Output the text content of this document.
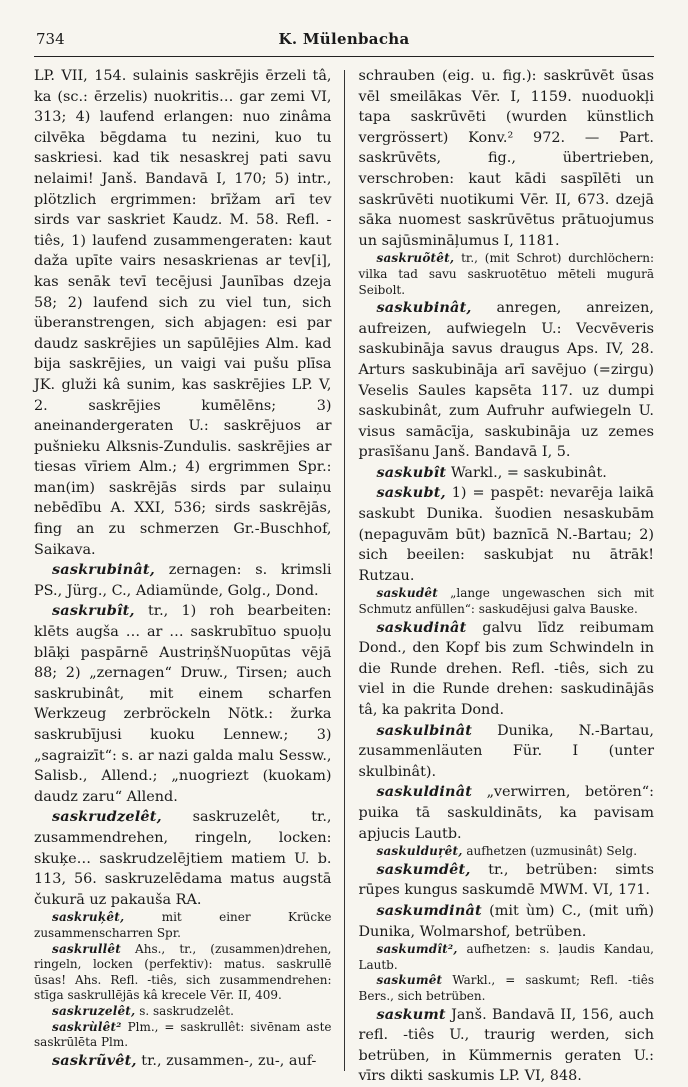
734	K. Mülenbacha

LP. VII, 154. sulainis saskrējis ērzeli tâ, ka (sc.: ērzelis) nuokritis… gar zemi VI, 313; 4) laufend erlangen: nuo zinâma cilvēka bēgdama tu nezini, kuo tu saskriesi. kad tik nesaskrej pati savu nelaimi! Janš. Bandavā I, 170; 5) intr., plötzlich ergrimmen: brīžam arī tev sirds var saskriet Kaudz. M. 58. Refl. -tiês, 1) laufend zusammengeraten: kaut daža upīte vairs nesaskrienas ar tev[i], kas senāk tevī tecējusi Jaunības dzeja 58; 2) laufend sich zu viel tun, sich überanstrengen, sich abjagen: esi par daudz saskrējies un sapūlējies Alm. kad bija saskrējies, un vaigi vai pušu plīsa JK. gluži kâ sunim, kas saskrējies LP. V, 2. saskrējies kumēlēns; 3) aneinandergeraten U.: saskrējuos ar pušnieku Alksnis-Zundulis. saskrējies ar tiesas vīriem Alm.; 4) ergrimmen Spr.: man(im) saskrējās sirds par sulaiņu nebēdību A. XXI, 536; sirds saskrējās, fing an zu schmerzen Gr.-Buschhof, Saikava.

saskrubinât, zernagen: s. krimsli PS., Jürg., C., Adiamünde, Golg., Dond.

saskrubît, tr., 1) roh bearbeiten: klēts augša … ar … saskrubītuo spuoļu blāķi paspārnē AustriņšNuopūtas vējā 88; 2) „zernagen“ Druw., Tirsen; auch saskrubinât, mit einem scharfen Werkzeug zerbröckeln Nötk.: žurka saskrubījusi kuoku Lennew.; 3) „sagraizīt“: s. ar nazi galda malu Sessw., Salisb., Allend.; „nuogriezt (kuokam) daudz zaru“ Allend.

saskrudzelêt, saskruzelêt, tr., zusammendrehen, ringeln, locken: skuķe… saskrudzelējtiem matiem U. b. 113, 56. saskruzelēdama matus augstā čukurā uz pakauša RA.

saskruķêt, mit einer Krücke zusammenscharren Spr.

saskrullêt Ahs., tr., (zusammen)drehen, ringeln, locken (perfektiv): matus. saskrullē ūsas! Ahs. Refl. -tiês, sich zusammendrehen: stīga saskrullējās kâ krecele Vēr. II, 409.

saskruzelêt, s. saskrudzelêt.

saskrùlêt² Plm., = saskrullêt: sivēnam aste saskrūlēta Plm.

saskrũvêt, tr., zusammen-, zu-, auf-

schrauben (eig. u. fig.): saskrūvēt ūsas vēl smeilākas Vēr. I, 1159. nuoduokļi tapa saskrūvēti (wurden künstlich vergrössert) Konv.² 972. — Part. saskrūvēts, fig., übertrieben, verschroben: kaut kādi saspīlēti un saskrūvēti nuotikumi Vēr. II, 673. dzejā sāka nuomest saskrūvētus prātuojumus un sajūsmināļumus I, 1181.

saskruõtêt, tr., (mit Schrot) durchlöchern: vilka tad savu saskruotētuo mēteli mugurā Seibolt.

saskubinât, anregen, anreizen, aufreizen, aufwiegeln U.: Vecvēveris saskubināja savus draugus Aps. IV, 28. Arturs saskubināja arī savējuo (=zirgu) Veselis Saules kapsēta 117. uz dumpi saskubinât, zum Aufruhr aufwiegeln U. visus samācīja, saskubināja uz zemes prasīšanu Janš. Bandavā I, 5.

saskubît Warkl., = saskubinât.

saskubt, 1) = paspēt: nevarēja laikā saskubt Dunika. šuodien nesaskubām (nepaguvām būt) baznīcā N.-Bartau; 2) sich beeilen: saskubjat nu ātrāk! Rutzau.

saskudêt „lange ungewaschen sich mit Schmutz anfüllen“: saskudējusi galva Bauske.

saskudinât galvu līdz reibumam Dond., den Kopf bis zum Schwindeln in die Runde drehen. Refl. -tiês, sich zu viel in die Runde drehen: saskudinājās tâ, ka pakrita Dond.

saskulbinât Dunika, N.-Bartau, zusammenläuten Für. I (unter skulbinât).

saskuldinât „verwirren, betören“: puika tā saskuldināts, ka pavisam apjucis Lautb.

saskulduŗêt, aufhetzen (uzmusinât) Selg.

saskumdêt, tr., betrüben: simts rūpes kungus saskumdē MWM. VI, 171.

saskumdinât (mit ùm) C., (mit um̃) Dunika, Wolmarshof, betrüben.

saskumdît², aufhetzen: s. ļaudis Kandau, Lautb.

saskumêt Warkl., = saskumt; Refl. -tiês Bers., sich betrüben.

saskumt Janš. Bandavā II, 156, auch refl. -tiês U., traurig werden, sich betrüben, in Kümmernis geraten U.: vīrs dikti saskumis LP. VI, 848.
